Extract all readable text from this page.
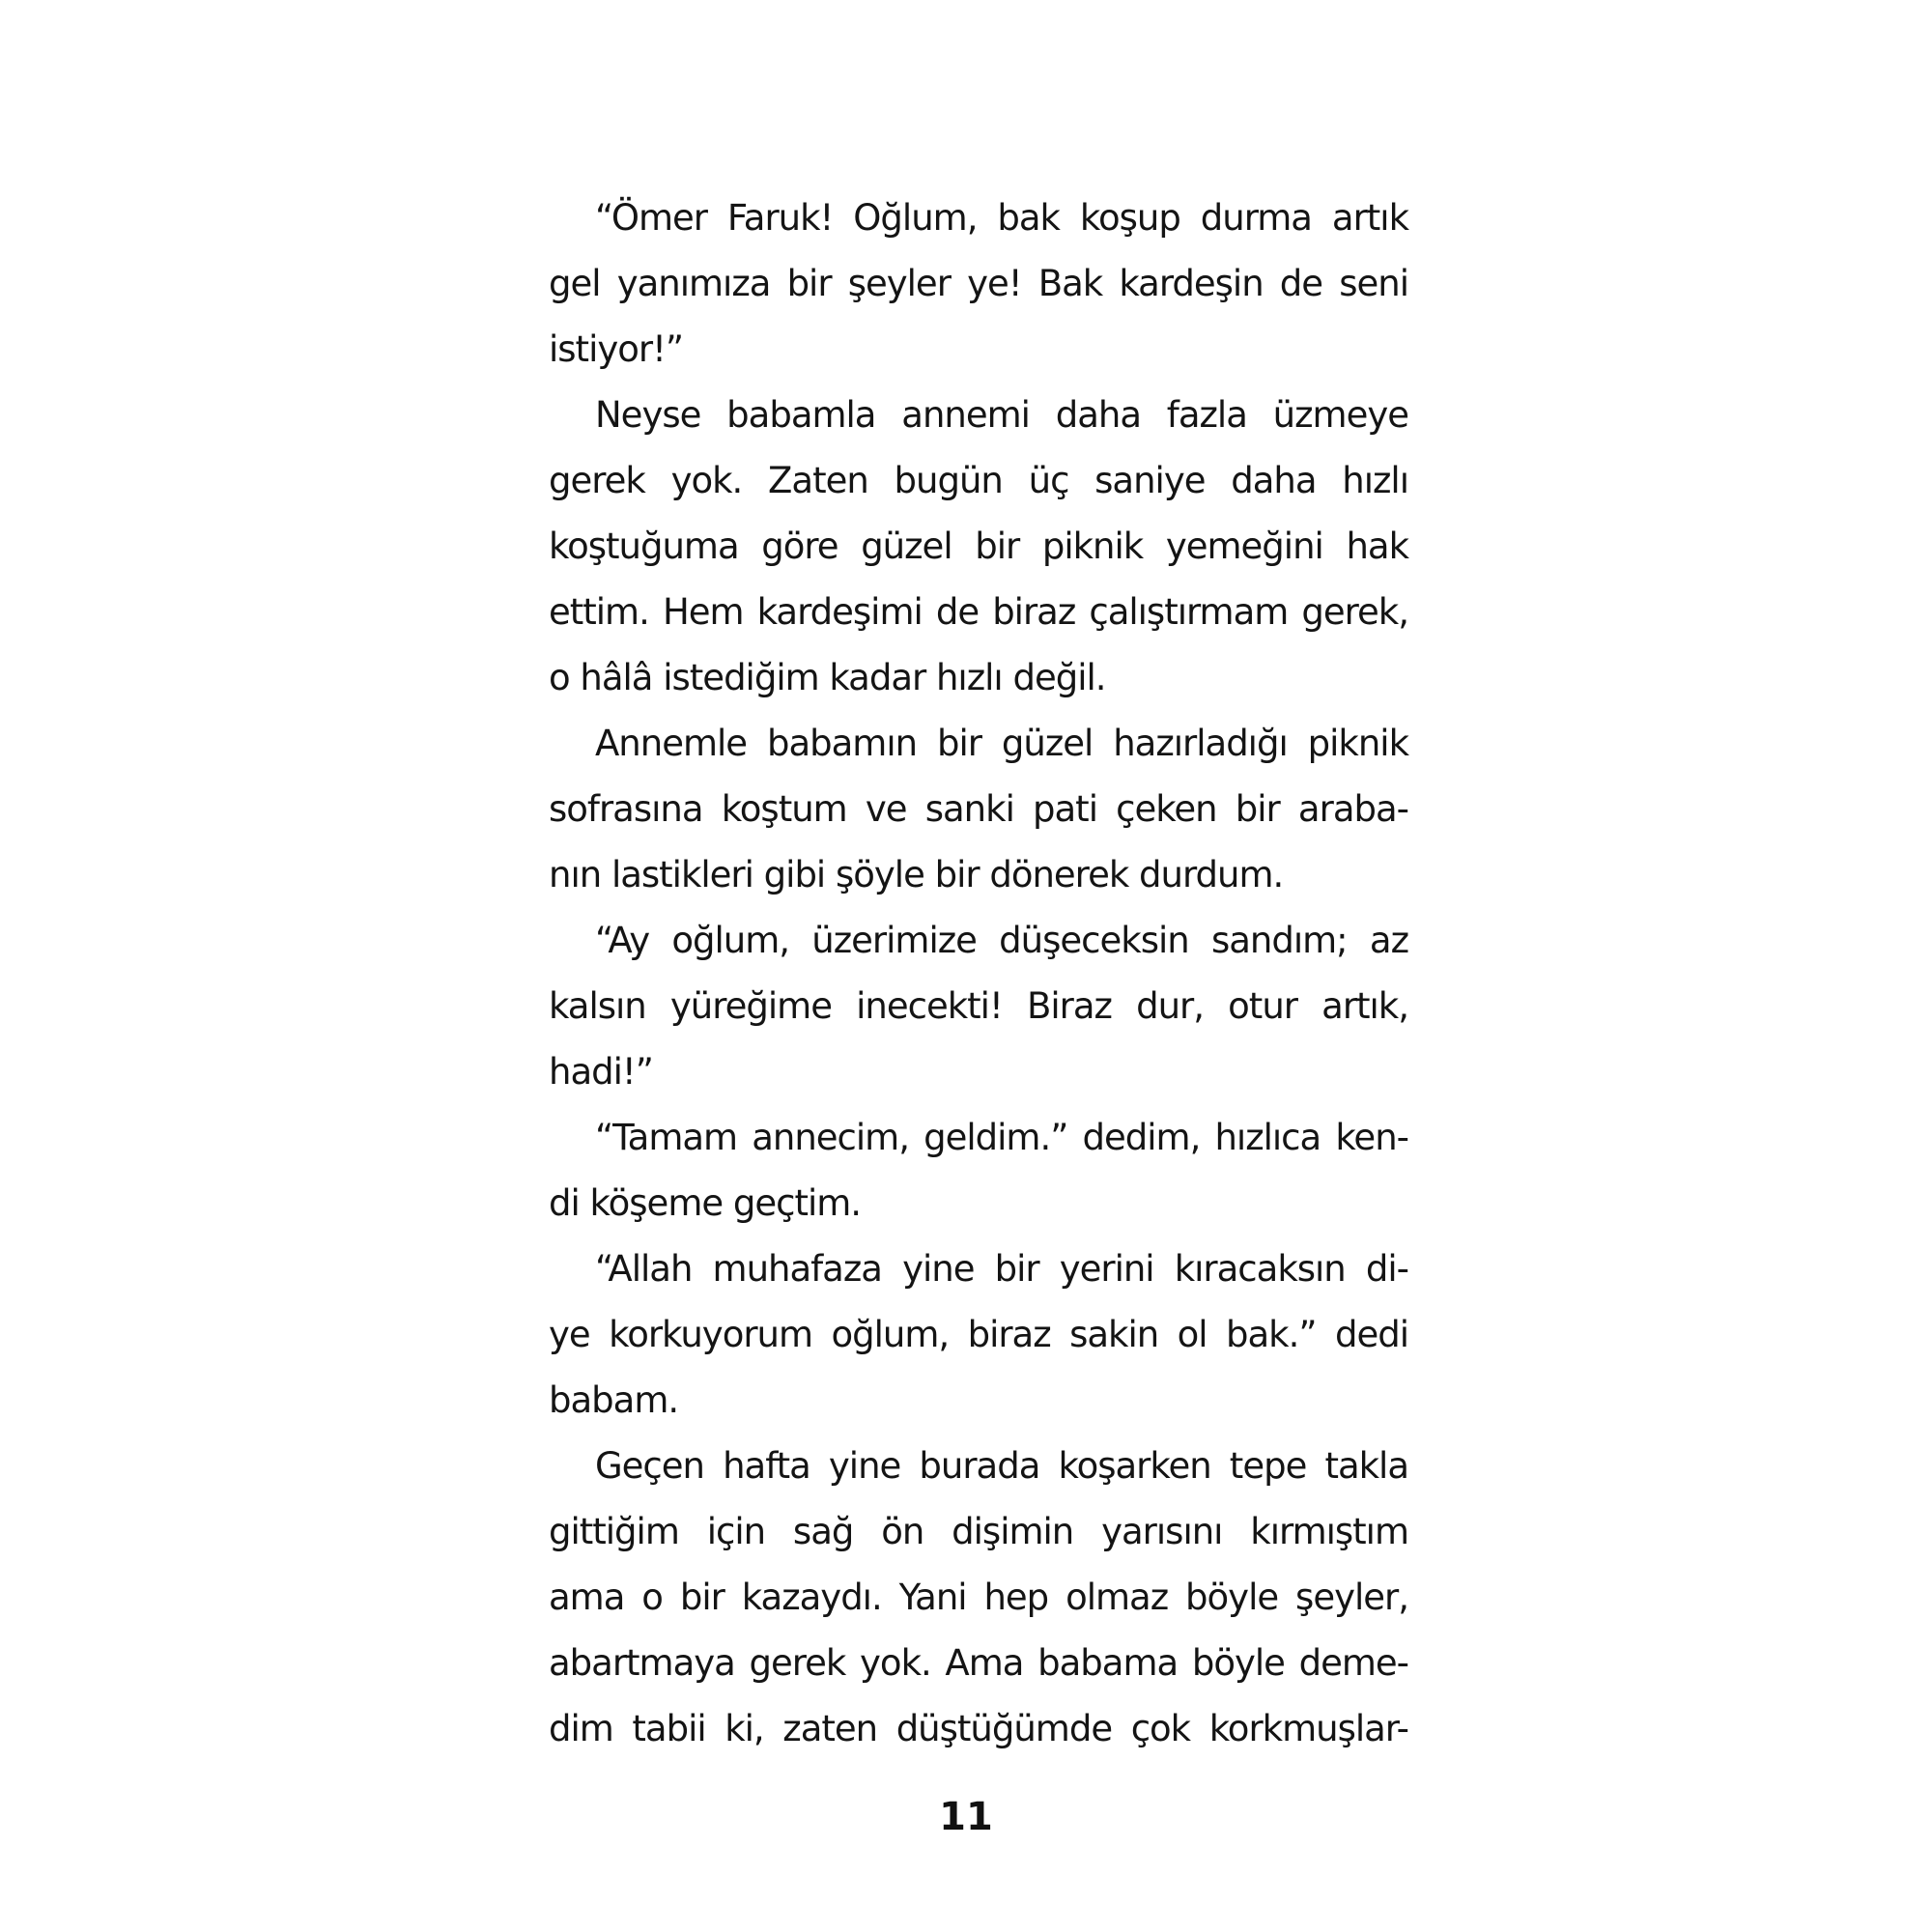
“Ömer Faruk! Oğlum, bak koşup durma artık
gel yanımıza bir şeyler ye! Bak kardeşin de seni
istiyor!”
Neyse babamla annemi daha fazla üzmeye
gerek yok. Zaten bugün üç saniye daha hızlı
koştuğuma göre güzel bir piknik yemeğini hak
ettim. Hem kardeşimi de biraz çalıştırmam gerek,
o hâlâ istediğim kadar hızlı değil.
Annemle babamın bir güzel hazırladığı piknik
sofrasına koştum ve sanki pati çeken bir araba-
nın lastikleri gibi şöyle bir dönerek durdum.
“Ay oğlum, üzerimize düşeceksin sandım; az
kalsın yüreğime inecekti! Biraz dur, otur artık,
hadi!”
“Tamam annecim, geldim.” dedim, hızlıca ken-
di köşeme geçtim.
“Allah muhafaza yine bir yerini kıracaksın di-
ye korkuyorum oğlum, biraz sakin ol bak.” dedi
babam.
Geçen hafta yine burada koşarken tepe takla
gittiğim için sağ ön dişimin yarısını kırmıştım
ama o bir kazaydı. Yani hep olmaz böyle şeyler,
abartmaya gerek yok. Ama babama böyle deme-
dim tabii ki, zaten düştüğümde çok korkmuşlar-
11
